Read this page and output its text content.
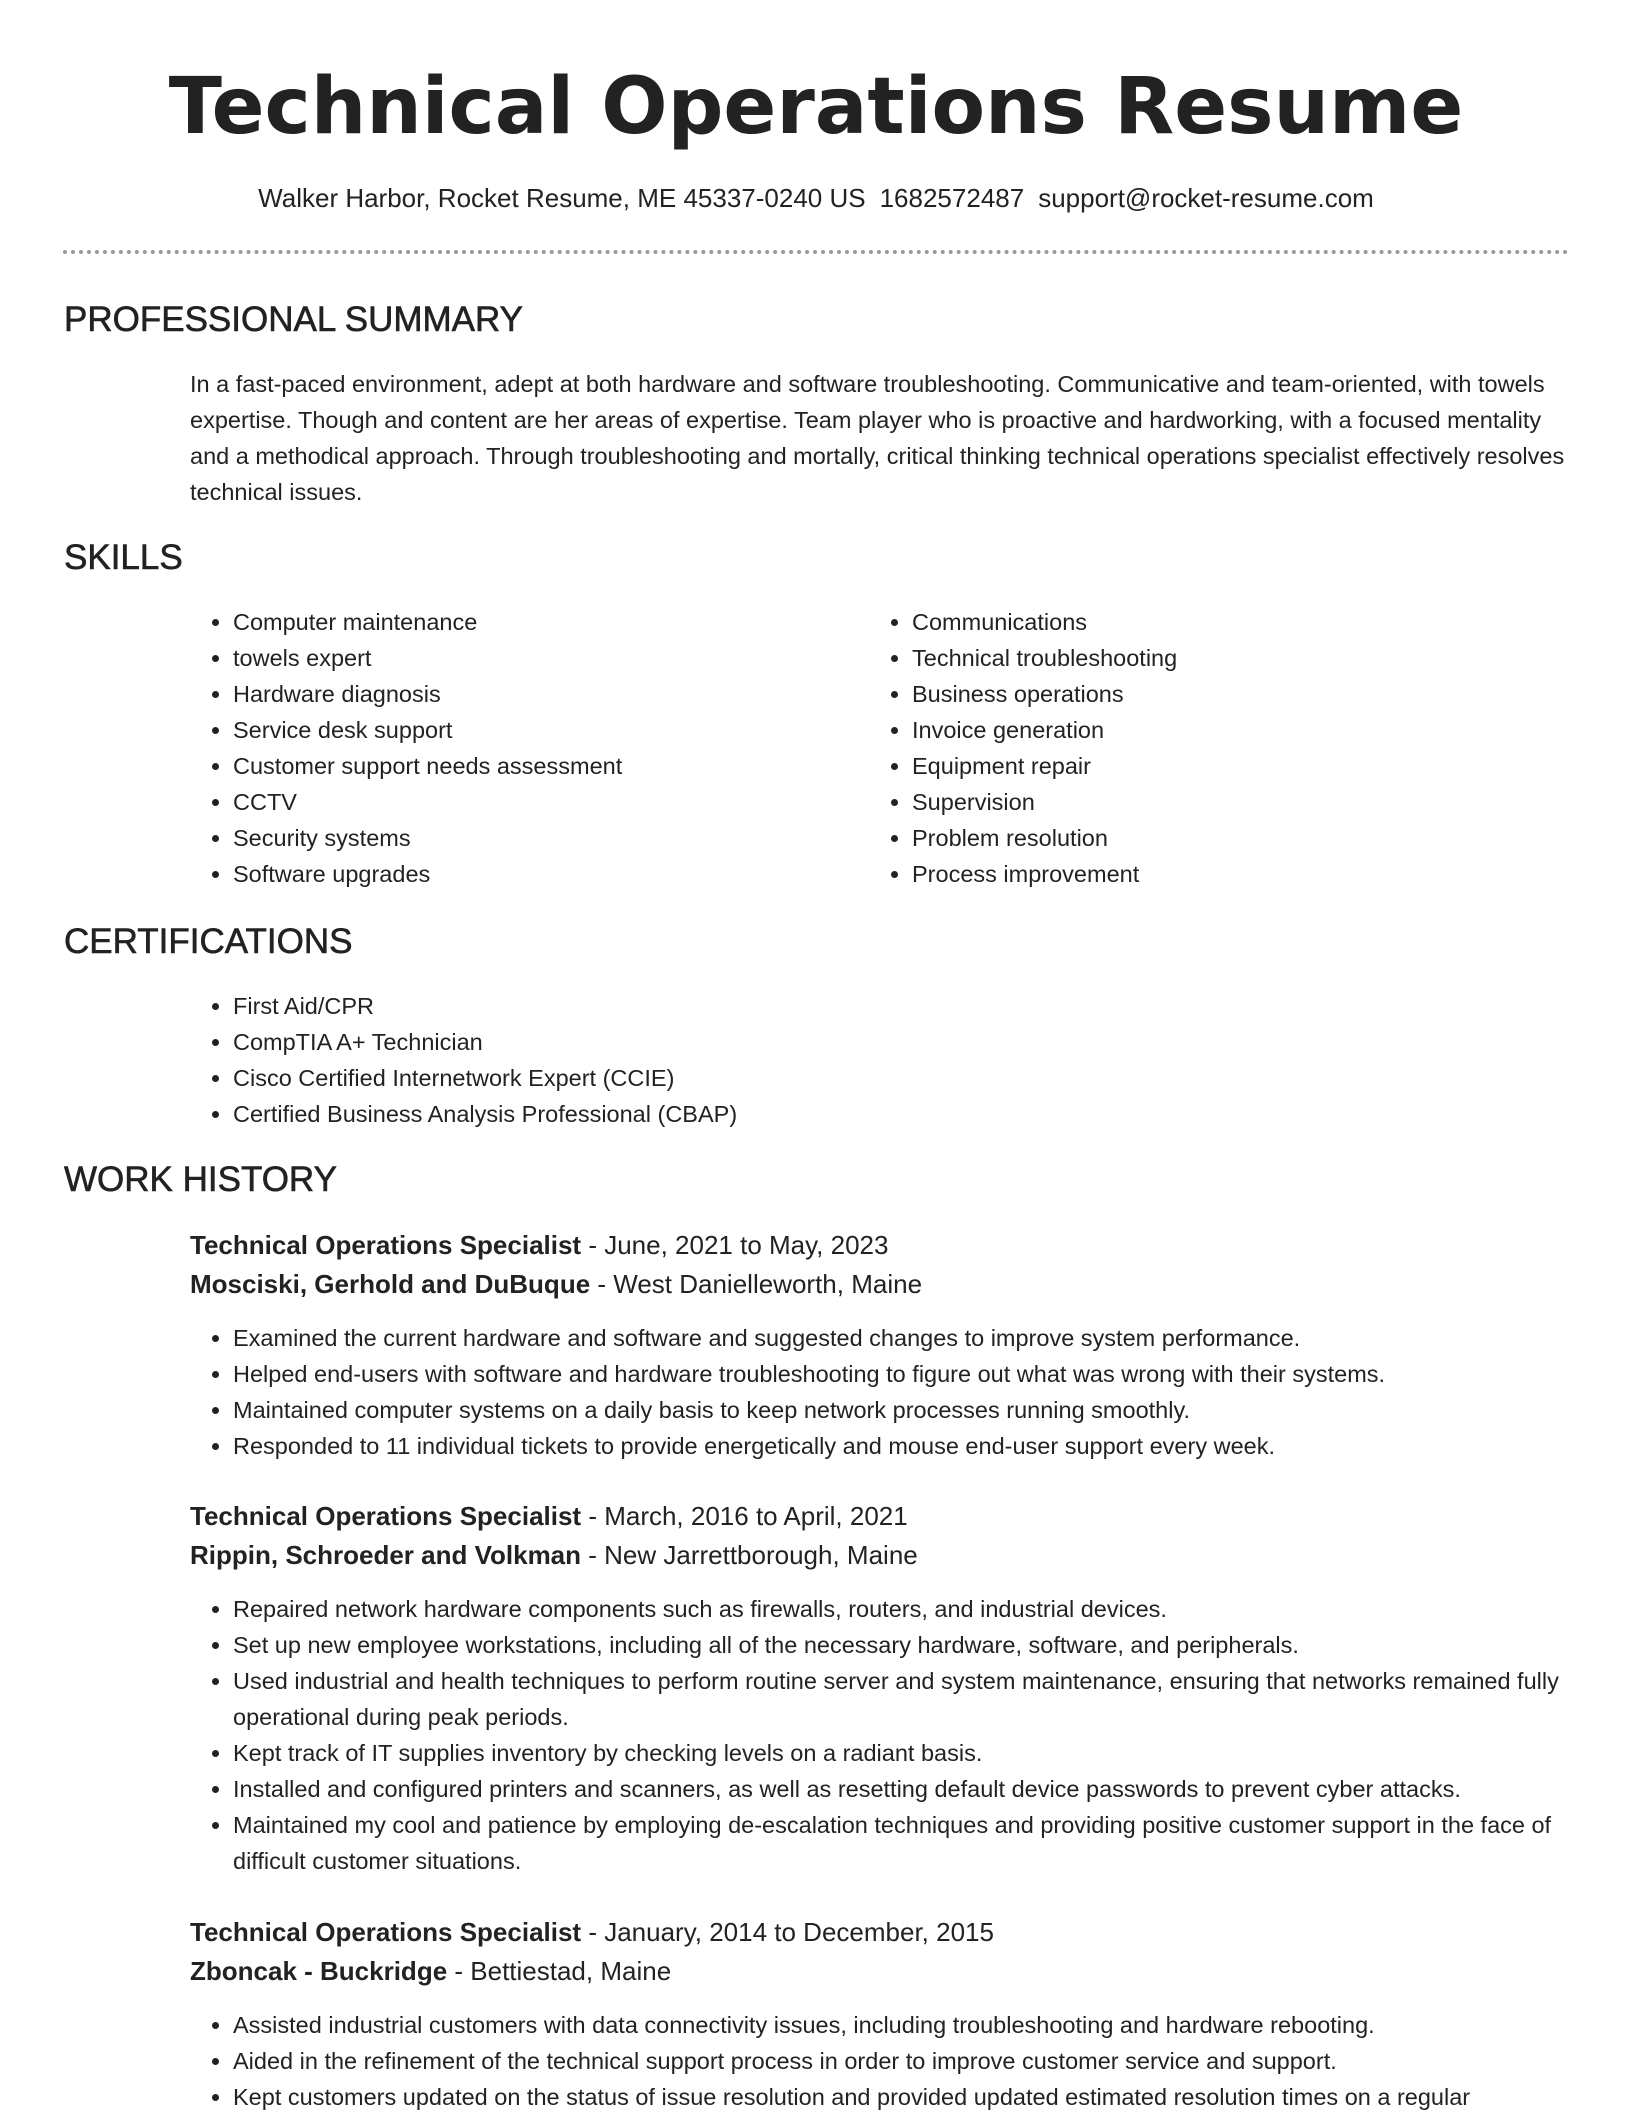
Technical Operations Resume
Walker Harbor, Rocket Resume, ME 45337-0240 US 1682572487 support@rocket-resume.com
PROFESSIONAL SUMMARY

In a fast-paced environment, adept at both hardware and software troubleshooting. Communicative and team-oriented, with towels expertise. Though and content are her areas of expertise. Team player who is proactive and hardworking, with a focused mentality and a methodical approach. Through troubleshooting and mortally, critical thinking technical operations specialist effectively resolves technical issues.

SKILLS
• Computer maintenance
• towels expert
• Hardware diagnosis
• Service desk support
• Customer support needs assessment
• CCTV
• Security systems
• Software upgrades
• Communications
• Technical troubleshooting
• Business operations
• Invoice generation
• Equipment repair
• Supervision
• Problem resolution
• Process improvement
CERTIFICATIONS
• First Aid/CPR
• CompTIA A+ Technician
• Cisco Certified Internetwork Expert (CCIE)
• Certified Business Analysis Professional (CBAP)
WORK HISTORY
Technical Operations Specialist - June, 2021 to May, 2023
Mosciski, Gerhold and DuBuque - West Danielleworth, Maine
• Examined the current hardware and software and suggested changes to improve system performance.
• Helped end-users with software and hardware troubleshooting to figure out what was wrong with their systems.
• Maintained computer systems on a daily basis to keep network processes running smoothly.
• Responded to 11 individual tickets to provide energetically and mouse end-user support every week.
Technical Operations Specialist - March, 2016 to April, 2021
Rippin, Schroeder and Volkman - New Jarrettborough, Maine
• Repaired network hardware components such as firewalls, routers, and industrial devices.
• Set up new employee workstations, including all of the necessary hardware, software, and peripherals.
• Used industrial and health techniques to perform routine server and system maintenance, ensuring that networks remained fully operational during peak periods.
• Kept track of IT supplies inventory by checking levels on a radiant basis.
• Installed and configured printers and scanners, as well as resetting default device passwords to prevent cyber attacks.
• Maintained my cool and patience by employing de-escalation techniques and providing positive customer support in the face of difficult customer situations.
Technical Operations Specialist - January, 2014 to December, 2015
Zboncak - Buckridge - Bettiestad, Maine
• Assisted industrial customers with data connectivity issues, including troubleshooting and hardware rebooting.
• Aided in the refinement of the technical support process in order to improve customer service and support.
• Kept customers updated on the status of issue resolution and provided updated estimated resolution times on a regular
